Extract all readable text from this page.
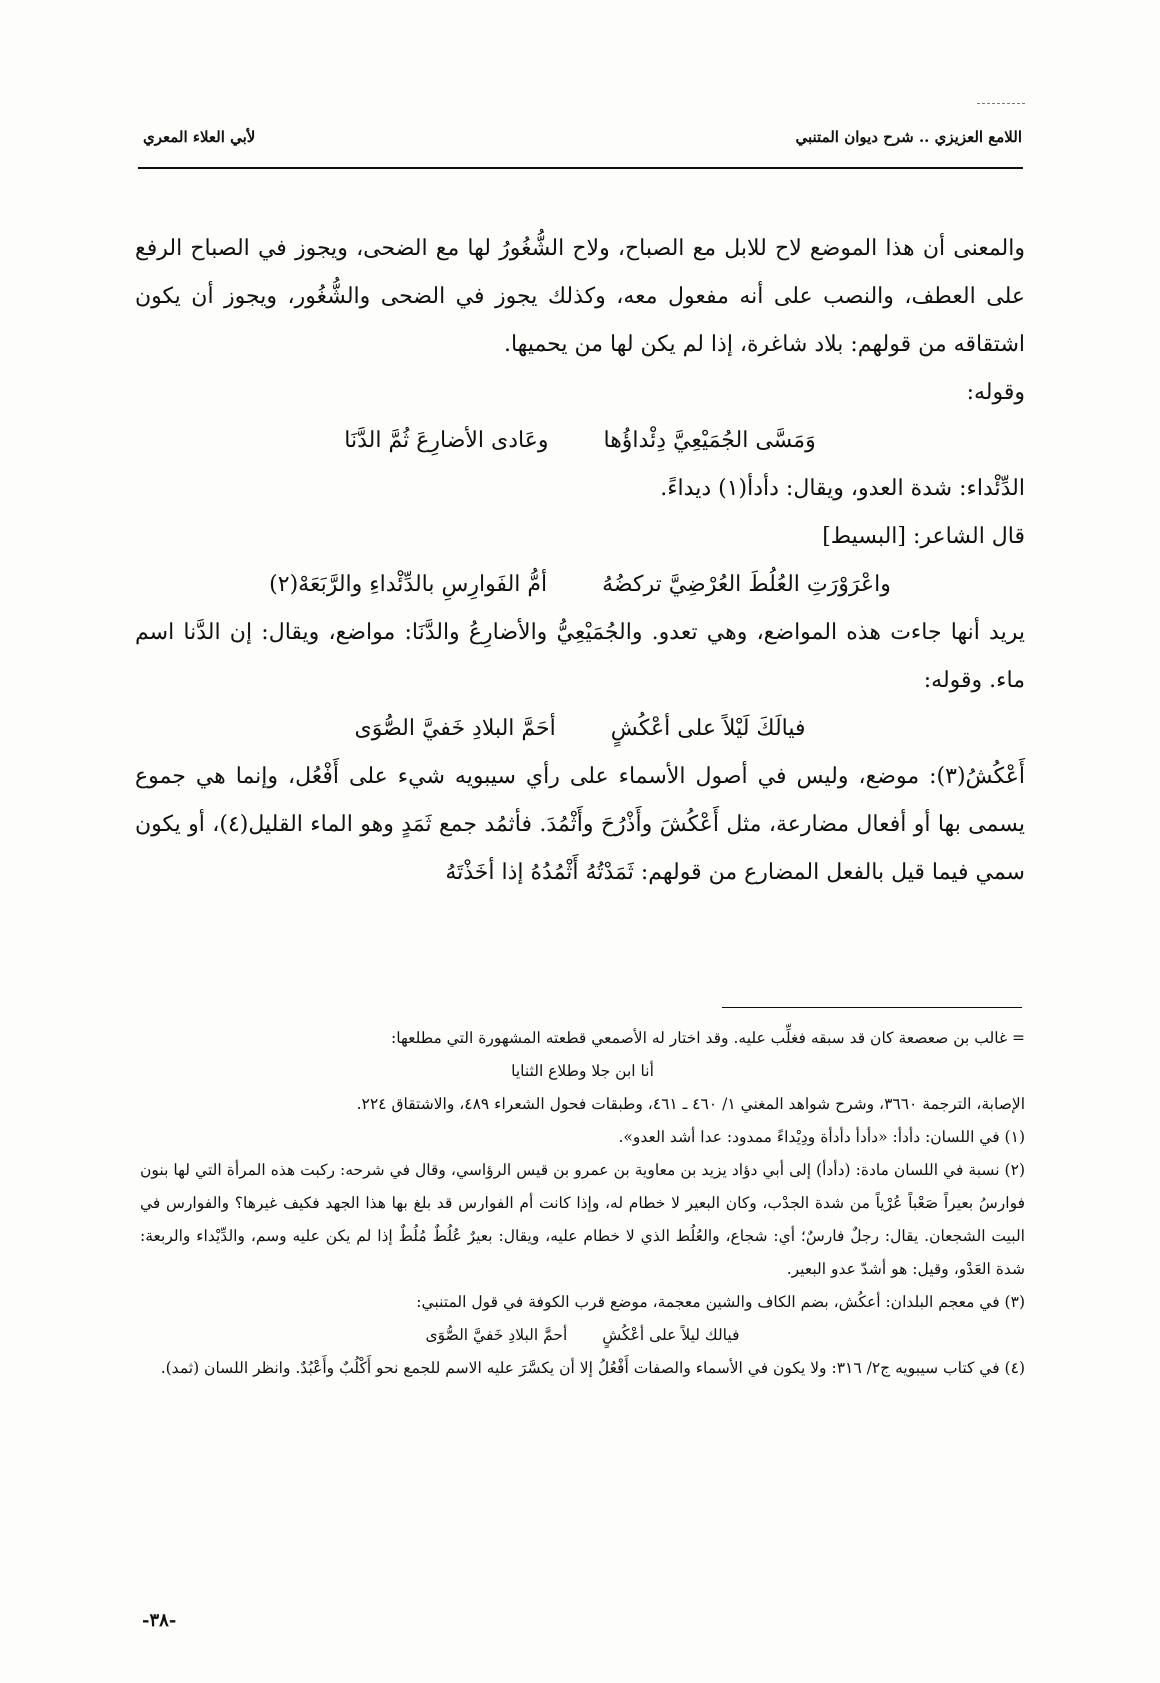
اللامع العزيزي .. شرح ديوان المتنبي
لأبي العلاء المعري

والمعنى أن هذا الموضع لاح للابل مع الصباح، ولاح الشُّغُورُ لها مع الضحى، ويجوز في الصباح الرفع على العطف، والنصب على أنه مفعول معه، وكذلك يجوز في الضحى والشُّغُور، ويجوز أن يكون اشتقاقه من قولهم: بلاد شاغرة، إذا لم يكن لها من يحميها.

وقوله:

وَمَسَّى الجُمَيْعِيَّ دِئْداؤُها
وعَادى الأضارِعَ ثُمَّ الدَّنَا

الدِّئْداء: شدة العدو، ويقال: دأدأ(١) ديداءً.

قال الشاعر: [البسيط]

واعْرَوْرَتِ العُلُطَ العُرْضِيَّ تركضُهُ
أمُّ الفَوارِسِ بالدِّئْداءِ والرَّبَعَهْ(٢)

يريد أنها جاءت هذه المواضع، وهي تعدو. والجُمَيْعِيُّ والأضارِعُ والدَّنَا: مواضع، ويقال: إن الدَّنا اسم ماء. وقوله:

فيالَكَ لَيْلاً على أعْكُشٍ
أحَمَّ البلادِ خَفيَّ الصُّوَى

أَعْكُشُ(٣): موضع، وليس في أصول الأسماء على رأي سيبويه شيء على أَفْعُل، وإنما هي جموع يسمى بها أو أفعال مضارعة، مثل أَعْكُشَ وأَذْرُحَ وأَثْمُدَ. فأثمُد جمع ثَمَدٍ وهو الماء القليل(٤)، أو يكون سمي فيما قيل بالفعل المضارع من قولهم: ثَمَدْتُهُ أَثْمُدُهُ إذا أخَذْتَهُ

= غالب بن صعصعة كان قد سبقه فغلِّب عليه. وقد اختار له الأصمعي قطعته المشهورة التي مطلعها:

أنا ابن جلا وطلاع الثنايا

الإصابة، الترجمة ٣٦٦٠، وشرح شواهد المغني ١/ ٤٦٠ ـ ٤٦١، وطبقات فحول الشعراء ٤٨٩، والاشتقاق ٢٢٤.

(١) في اللسان: دأدأ: «دأدأ دأدأة ودِيْداءً ممدود: عدا أشد العدو».

(٢) نسبة في اللسان مادة: (دأدأ) إلى أبي دؤاد يزيد بن معاوية بن عمرو بن قيس الرؤاسي، وقال في شرحه: ركبت هذه المرأة التي لها بنون فوارسُ بعيراً صَعْباً عُرْياً من شدة الجدْب، وكان البعير لا خطام له، وإذا كانت أم الفوارس قد بلغ بها هذا الجهد فكيف غيرها؟ والفوارس في البيت الشجعان. يقال: رجلٌ فارسٌ؛ أي: شجاع، والعُلُط الذي لا خطام عليه، ويقال: بعيرٌ عُلُطٌ مُلُطٌ إذا لم يكن عليه وسم، والدِّيْداء والربعة: شدة العَدْو، وقيل: هو أشدّ عدو البعير.

(٣) في معجم البلدان: أعكُش، بضم الكاف والشين معجمة، موضع قرب الكوفة في قول المتنبي:

فيالك ليلاً على أعْكُشٍ
أحمَّ البلادِ خَفيَّ الصُّوَى

(٤) في كتاب سيبويه ج٢/ ٣١٦: ولا يكون في الأسماء والصفات أَفْعُلُ إلا أن يكسَّرَ عليه الاسم للجمع نحو أَكْلُبٌ وأَعْبُدٌ. وانظر اللسان (ثمد).

-٣٨-
